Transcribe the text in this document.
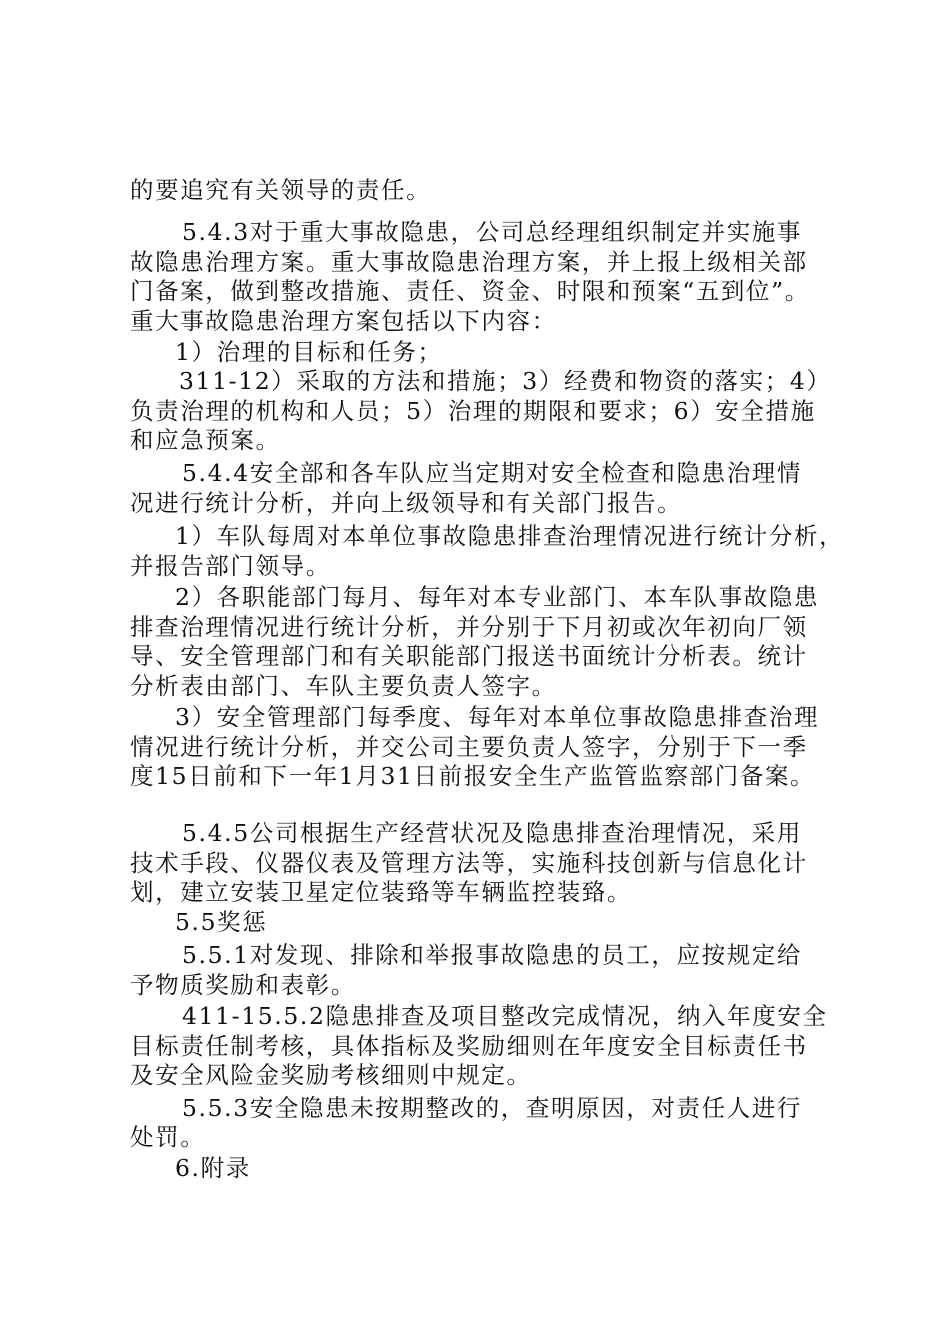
的要追究有关领导的责任。

5.4.3对于重大事故隐患，公司总经理组织制定并实施事

故隐患治理方案。重大事故隐患治理方案，并上报上级相关部

门备案，做到整改措施、责任、资金、时限和预案“五到位”。

重大事故隐患治理方案包括以下内容：

1）治理的目标和任务；

311-12）采取的方法和措施；3）经费和物资的落实；4）

负责治理的机构和人员；5）治理的期限和要求；6）安全措施

和应急预案。

5.4.4安全部和各车队应当定期对安全检查和隐患治理情

况进行统计分析，并向上级领导和有关部门报告。

1）车队每周对本单位事故隐患排查治理情况进行统计分析，

并报告部门领导。

2）各职能部门每月、每年对本专业部门、本车队事故隐患

排查治理情况进行统计分析，并分别于下月初或次年初向厂领

导、安全管理部门和有关职能部门报送书面统计分析表。统计

分析表由部门、车队主要负责人签字。

3）安全管理部门每季度、每年对本单位事故隐患排查治理

情况进行统计分析，并交公司主要负责人签字，分别于下一季

度15日前和下一年1月31日前报安全生产监管监察部门备案。

5.4.5公司根据生产经营状况及隐患排查治理情况，采用

技术手段、仪器仪表及管理方法等，实施科技创新与信息化计

划，建立安装卫星定位装臵等车辆监控装臵。

5.5奖惩

5.5.1对发现、排除和举报事故隐患的员工，应按规定给

予物质奖励和表彰。

411-15.5.2隐患排查及项目整改完成情况，纳入年度安全

目标责任制考核，具体指标及奖励细则在年度安全目标责任书

及安全风险金奖励考核细则中规定。

5.5.3安全隐患未按期整改的，查明原因，对责任人进行

处罚。

6.附录
